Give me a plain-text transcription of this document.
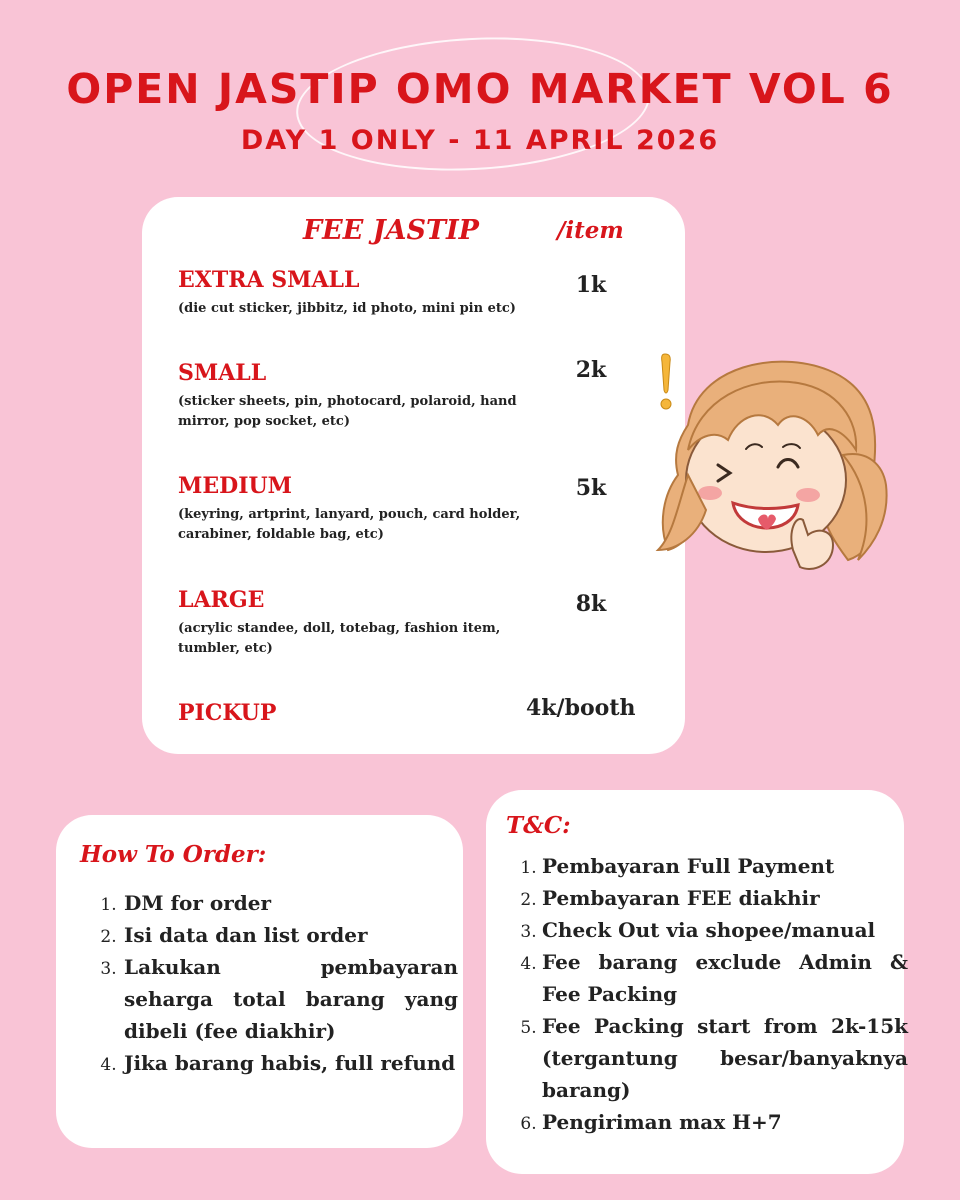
OPEN JASTIP OMO MARKET VOL 6
DAY 1 ONLY - 11 APRIL 2026
FEE JASTIP	/item
EXTRA SMALL
(die cut sticker, jibbitz, id photo, mini pin etc)
1k
SMALL
(sticker sheets, pin, photocard, polaroid, hand mirror, pop socket, etc)
2k
MEDIUM
(keyring, artprint, lanyard, pouch, card holder, carabiner, foldable bag, etc)
5k
LARGE
(acrylic standee, doll, totebag, fashion item, tumbler, etc)
8k
PICKUP	4k/booth
How To Order:
1. DM for order
2. Isi data dan list order
3. Lakukan pembayaran seharga total barang yang dibeli (fee diakhir)
4. Jika barang habis, full refund
T&C:
1. Pembayaran Full Payment
2. Pembayaran FEE diakhir
3. Check Out via shopee/manual
4. Fee barang exclude Admin & Fee Packing
5. Fee Packing start from 2k-15k (tergantung besar/banyaknya barang)
6. Pengiriman max H+7
